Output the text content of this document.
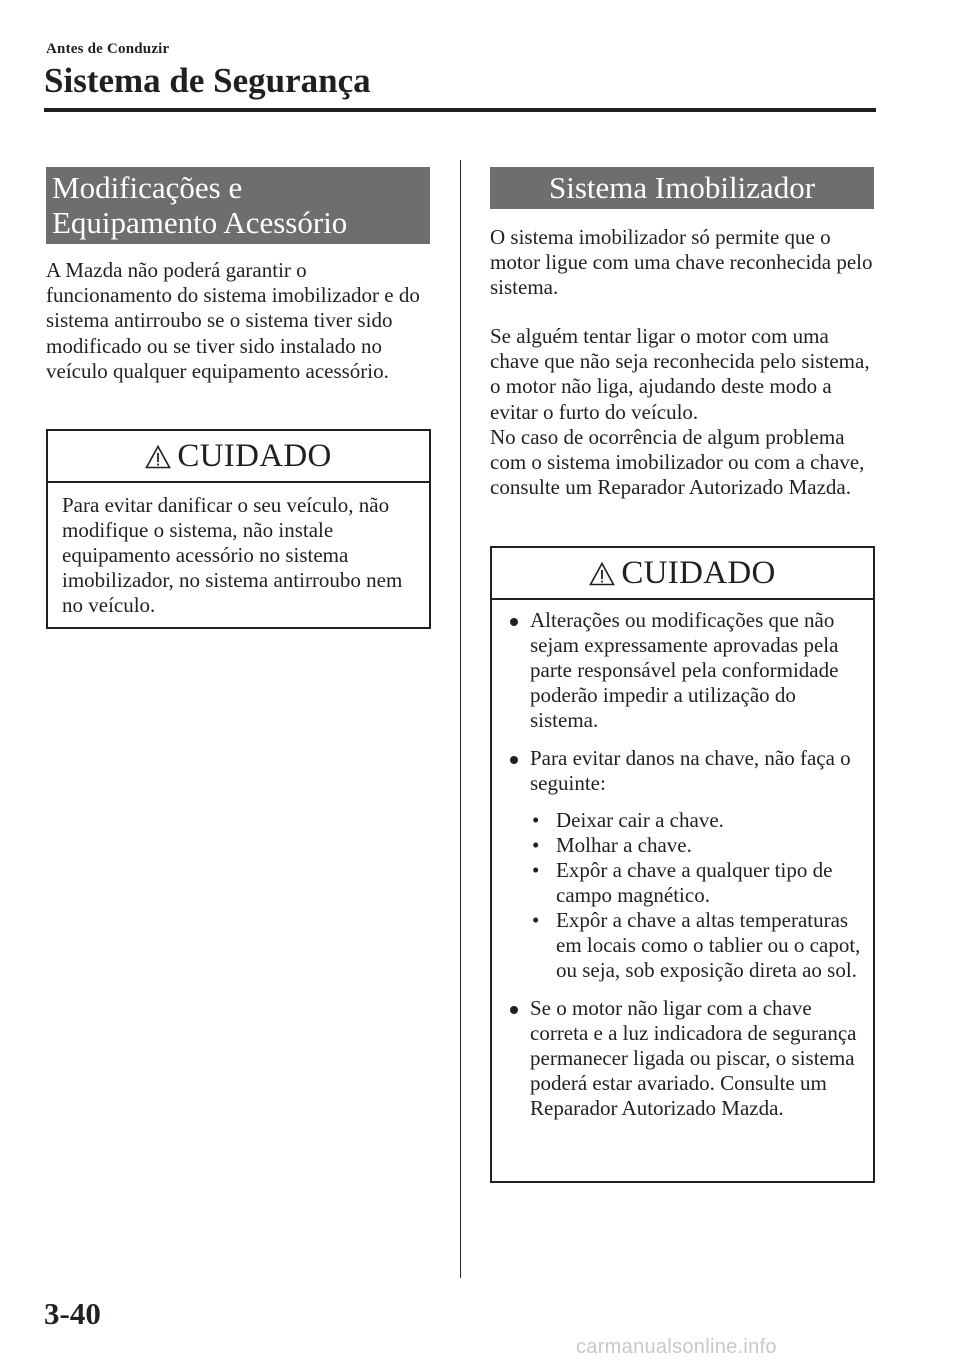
Antes de Conduzir
Sistema de Segurança
Modificações e
Equipamento Acessório

A Mazda não poderá garantir o funcionamento do sistema imobilizador e do sistema antirroubo se o sistema tiver sido modificado ou se tiver sido instalado no veículo qualquer equipamento acessório.

CUIDADO
Para evitar danificar o seu veículo, não modifique o sistema, não instale equipamento acessório no sistema imobilizador, no sistema antirroubo nem no veículo.
Sistema Imobilizador

O sistema imobilizador só permite que o motor ligue com uma chave reconhecida pelo sistema.

Se alguém tentar ligar o motor com uma chave que não seja reconhecida pelo sistema, o motor não liga, ajudando deste modo a evitar o furto do veículo.
No caso de ocorrência de algum problema com o sistema imobilizador ou com a chave, consulte um Reparador Autorizado Mazda.
CUIDADO
Alterações ou modificações que não sejam expressamente aprovadas pela parte responsável pela conformidade poderão impedir a utilização do sistema.
Para evitar danos na chave, não faça o seguinte:
• Deixar cair a chave.
• Molhar a chave.
• Expôr a chave a qualquer tipo de campo magnético.
• Expôr a chave a altas temperaturas em locais como o tablier ou o capot, ou seja, sob exposição direta ao sol.
Se o motor não ligar com a chave correta e a luz indicadora de segurança permanecer ligada ou piscar, o sistema poderá estar avariado. Consulte um Reparador Autorizado Mazda.
3-40
carmanualsonline.info
